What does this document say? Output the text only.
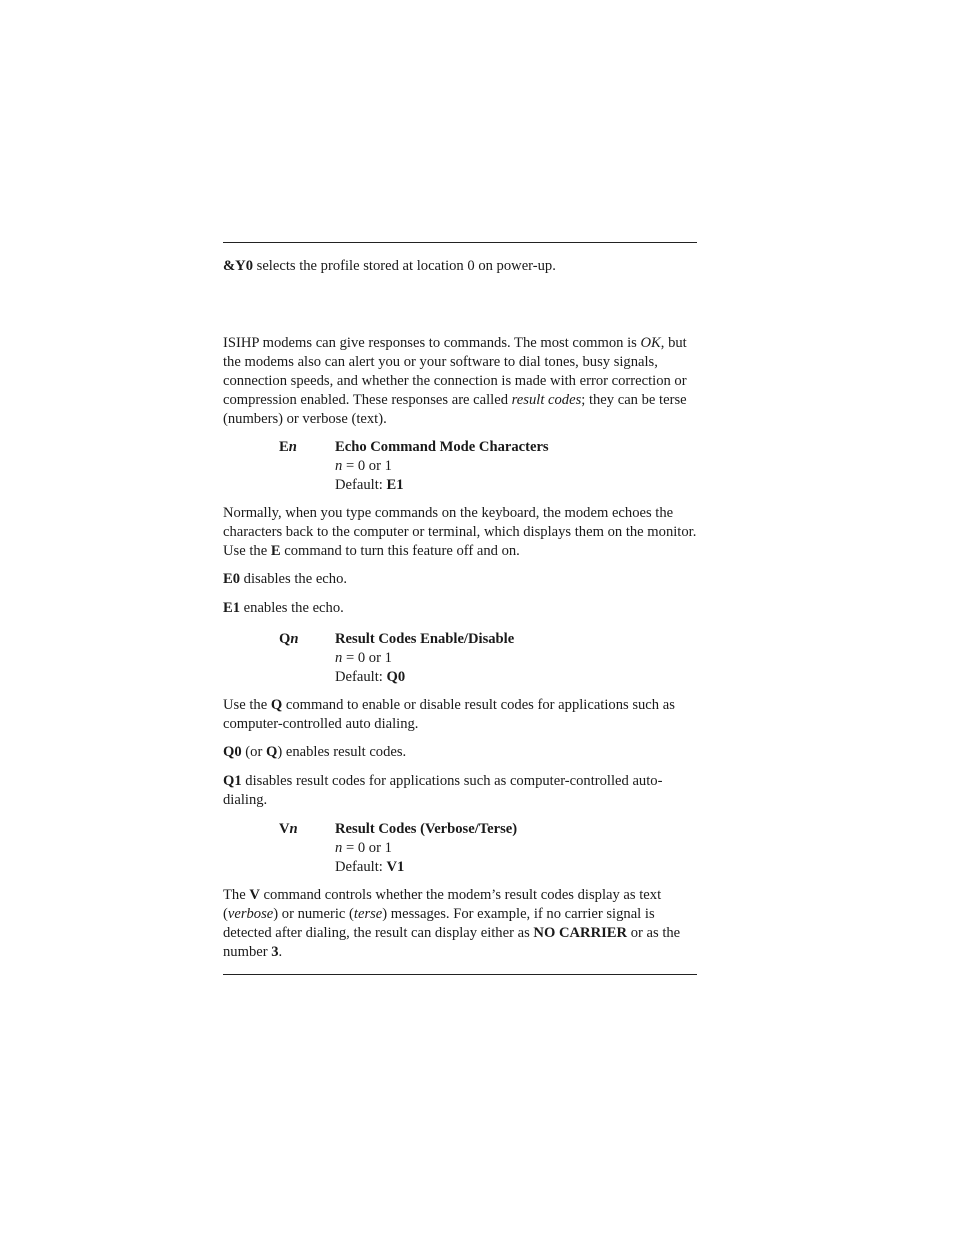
&Y0 selects the profile stored at location 0 on power-up.

ISIHP modems can give responses to commands. The most common is OK, but the modems also can alert you or your software to dial tones, busy signals, connection speeds, and whether the connection is made with error correction or compression enabled. These responses are called result codes; they can be terse (numbers) or verbose (text).

En	Echo Command Mode Characters
n = 0 or 1
Default: E1

Normally, when you type commands on the keyboard, the modem echoes the characters back to the computer or terminal, which displays them on the monitor. Use the E command to turn this feature off and on.

E0 disables the echo.

E1 enables the echo.

Qn	Result Codes Enable/Disable
n = 0 or 1
Default: Q0

Use the Q command to enable or disable result codes for applications such as computer-controlled auto dialing.

Q0 (or Q) enables result codes.

Q1 disables result codes for applications such as computer-controlled auto-dialing.

Vn	Result Codes (Verbose/Terse)
n = 0 or 1
Default: V1

The V command controls whether the modem’s result codes display as text (verbose) or numeric (terse) messages. For example, if no carrier signal is detected after dialing, the result can display either as NO CARRIER or as the number 3.
